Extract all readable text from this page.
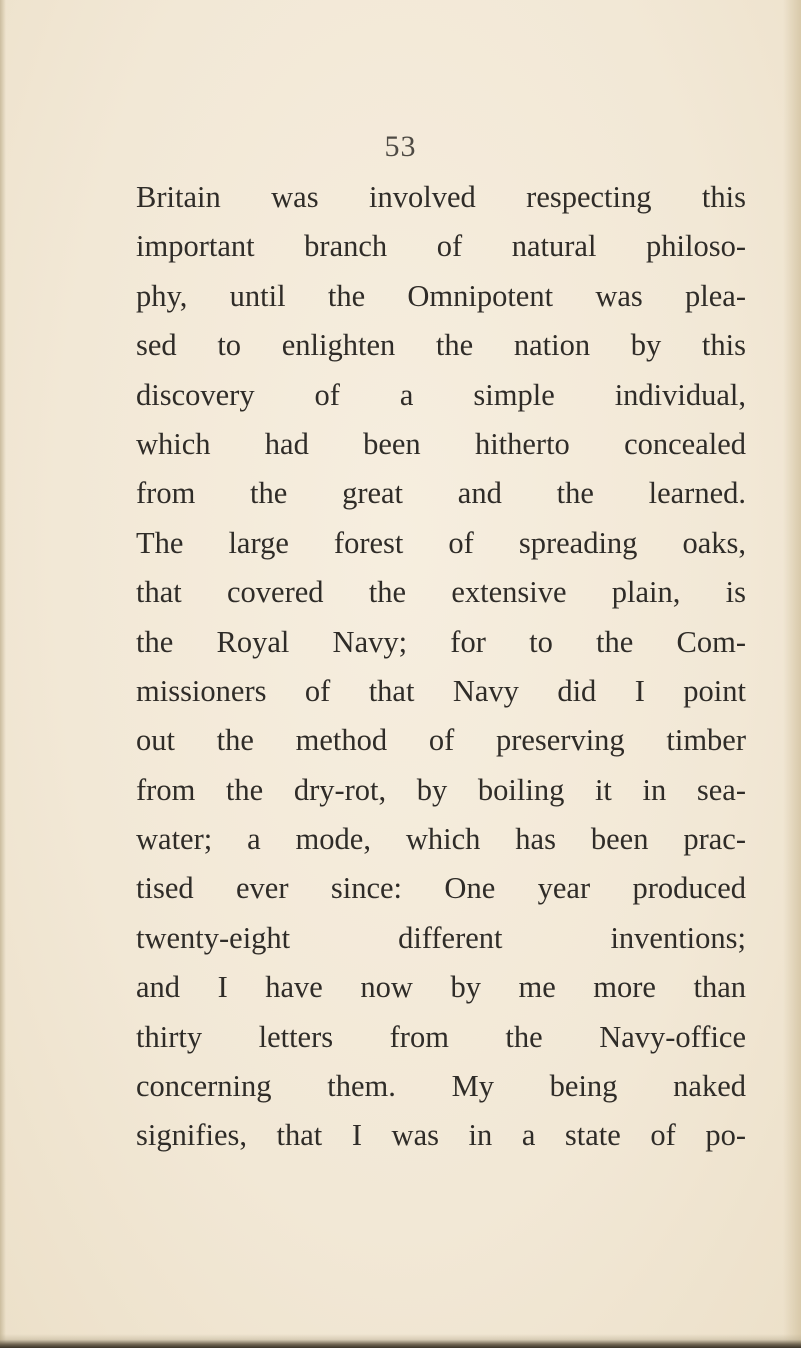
53
Britain was involved respecting this
important branch of natural philoso-
phy, until the Omnipotent was plea-
sed to enlighten the nation by this
discovery of a simple individual,
which had been hitherto concealed
from the great and the learned.
The large forest of spreading oaks,
that covered the extensive plain, is
the Royal Navy; for to the Com-
missioners of that Navy did I point
out the method of preserving timber
from the dry-rot, by boiling it in sea-
water; a mode, which has been prac-
tised ever since: One year produced
twenty-eight different inventions;
and I have now by me more than
thirty letters from the Navy-office
concerning them. My being naked
signifies, that I was in a state of po-
